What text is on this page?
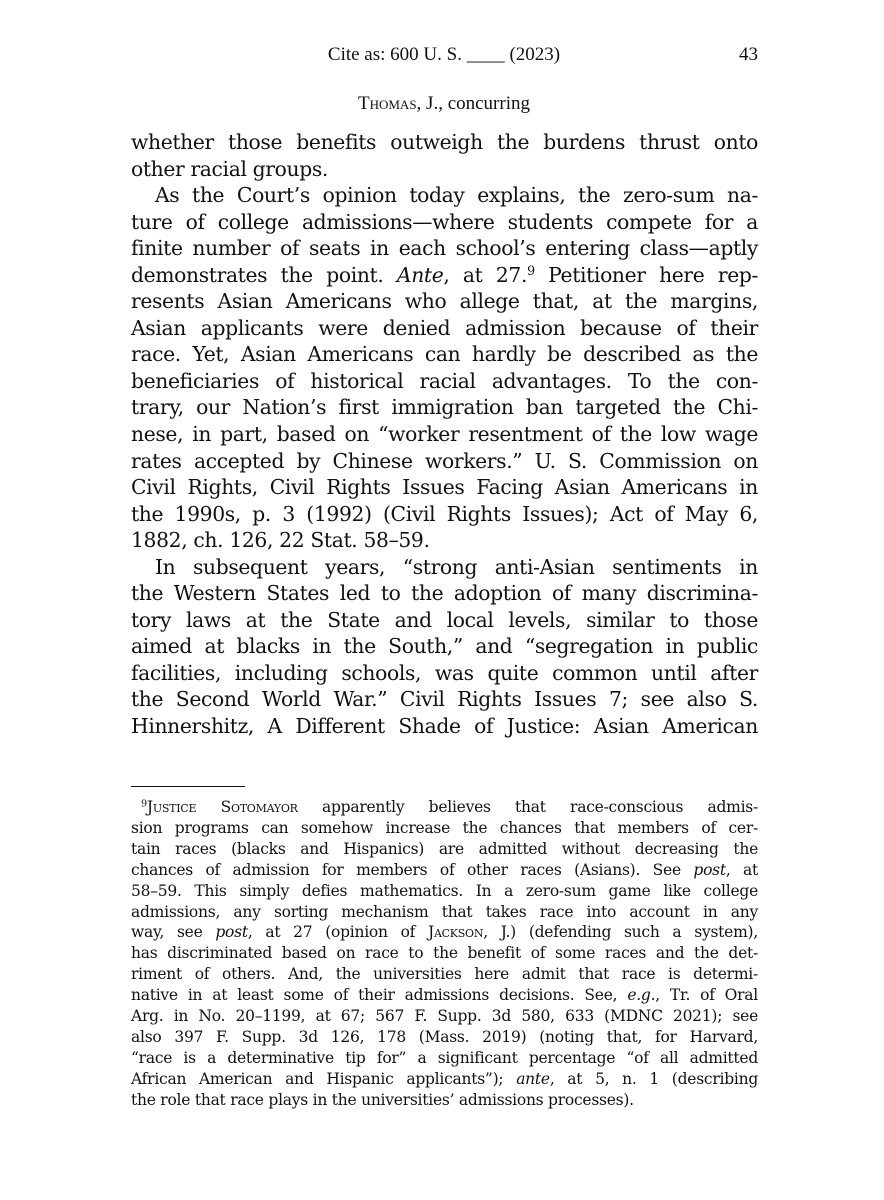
Cite as: 600 U. S. ____ (2023)	43
Thomas, J., concurring
whether those benefits outweigh the burdens thrust onto
other racial groups.
As the Court’s opinion today explains, the zero-sum na-
ture of college admissions—where students compete for a
finite number of seats in each school’s entering class—aptly
demonstrates the point. Ante, at 27.$^9$ Petitioner here rep-
resents Asian Americans who allege that, at the margins,
Asian applicants were denied admission because of their
race. Yet, Asian Americans can hardly be described as the
beneficiaries of historical racial advantages. To the con-
trary, our Nation’s first immigration ban targeted the Chi-
nese, in part, based on “worker resentment of the low wage
rates accepted by Chinese workers.” U. S. Commission on
Civil Rights, Civil Rights Issues Facing Asian Americans in
the 1990s, p. 3 (1992) (Civil Rights Issues); Act of May 6,
1882, ch. 126, 22 Stat. 58–59.
In subsequent years, “strong anti-Asian sentiments in
the Western States led to the adoption of many discrimina-
tory laws at the State and local levels, similar to those
aimed at blacks in the South,” and “segregation in public
facilities, including schools, was quite common until after
the Second World War.” Civil Rights Issues 7; see also S.
Hinnershitz, A Different Shade of Justice: Asian American
$^9$Justice Sotomayor apparently believes that race-conscious admis-
sion programs can somehow increase the chances that members of cer-
tain races (blacks and Hispanics) are admitted without decreasing the
chances of admission for members of other races (Asians). See post, at
58–59. This simply defies mathematics. In a zero-sum game like college
admissions, any sorting mechanism that takes race into account in any
way, see post, at 27 (opinion of Jackson, J.) (defending such a system),
has discriminated based on race to the benefit of some races and the det-
riment of others. And, the universities here admit that race is determi-
native in at least some of their admissions decisions. See, e.g., Tr. of Oral
Arg. in No. 20–1199, at 67; 567 F. Supp. 3d 580, 633 (MDNC 2021); see
also 397 F. Supp. 3d 126, 178 (Mass. 2019) (noting that, for Harvard,
“race is a determinative tip for” a significant percentage “of all admitted
African American and Hispanic applicants”); ante, at 5, n. 1 (describing
the role that race plays in the universities’ admissions processes).
